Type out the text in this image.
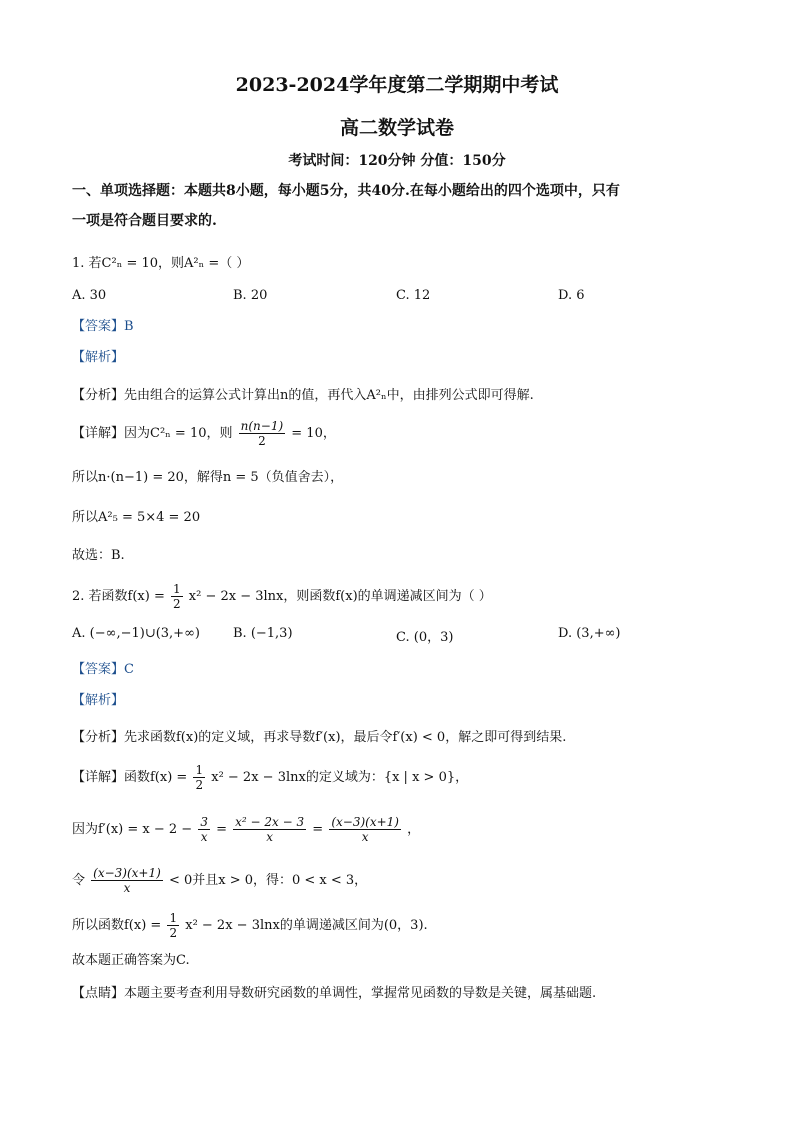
2023-2024学年度第二学期期中考试
高二数学试卷
考试时间：120分钟 分值：150分
一、单项选择题：本题共8小题，每小题5分，共40分.在每小题给出的四个选项中，只有
一项是符合题目要求的.
1. 若C²ₙ = 10，则A²ₙ =（ ）
A. 30	B. 20	C. 12	D. 6
【答案】B
【解析】
【分析】先由组合的运算公式计算出n的值，再代入A²ₙ中，由排列公式即可得解.
【详解】因为C²ₙ = 10，则 $\frac{n(n-1)}{2} = 10$，
所以n·(n−1) = 20，解得n = 5（负值舍去），
所以A²₅ = 5×4 = 20
故选：B.
2. 若函数$f(x) = \frac{1}{2} x^2 - 2x - 3\ln x$，则函数f(x)的单调递减区间为（ ）
A. (−∞,−1)∪(3,+∞)	B. (−1,3)	C. (0，3)	D. (3,+∞)
【答案】C
【解析】
【分析】先求函数f(x)的定义域，再求导数f′(x)，最后令f′(x) < 0，解之即可得到结果.
【详解】函数$f(x) = \frac{1}{2} x^2 - 2x - 3\ln x$的定义域为：{x | x > 0}，
因为$f'(x) = x - 2 - \frac{3}{x} = \frac{\text{x² − 2x − 3}}{x} = \frac{(x-3)(x+1)}{x}$ ，
令 $\frac{(x-3)(x+1)}{x} < 0$并且x > 0，得：0 < x < 3，
所以函数$f(x) = \frac{1}{2} x^2 - 2x - 3\ln x$的单调递减区间为(0，3).
故本题正确答案为C.
【点睛】本题主要考查利用导数研究函数的单调性，掌握常见函数的导数是关键，属基础题.
